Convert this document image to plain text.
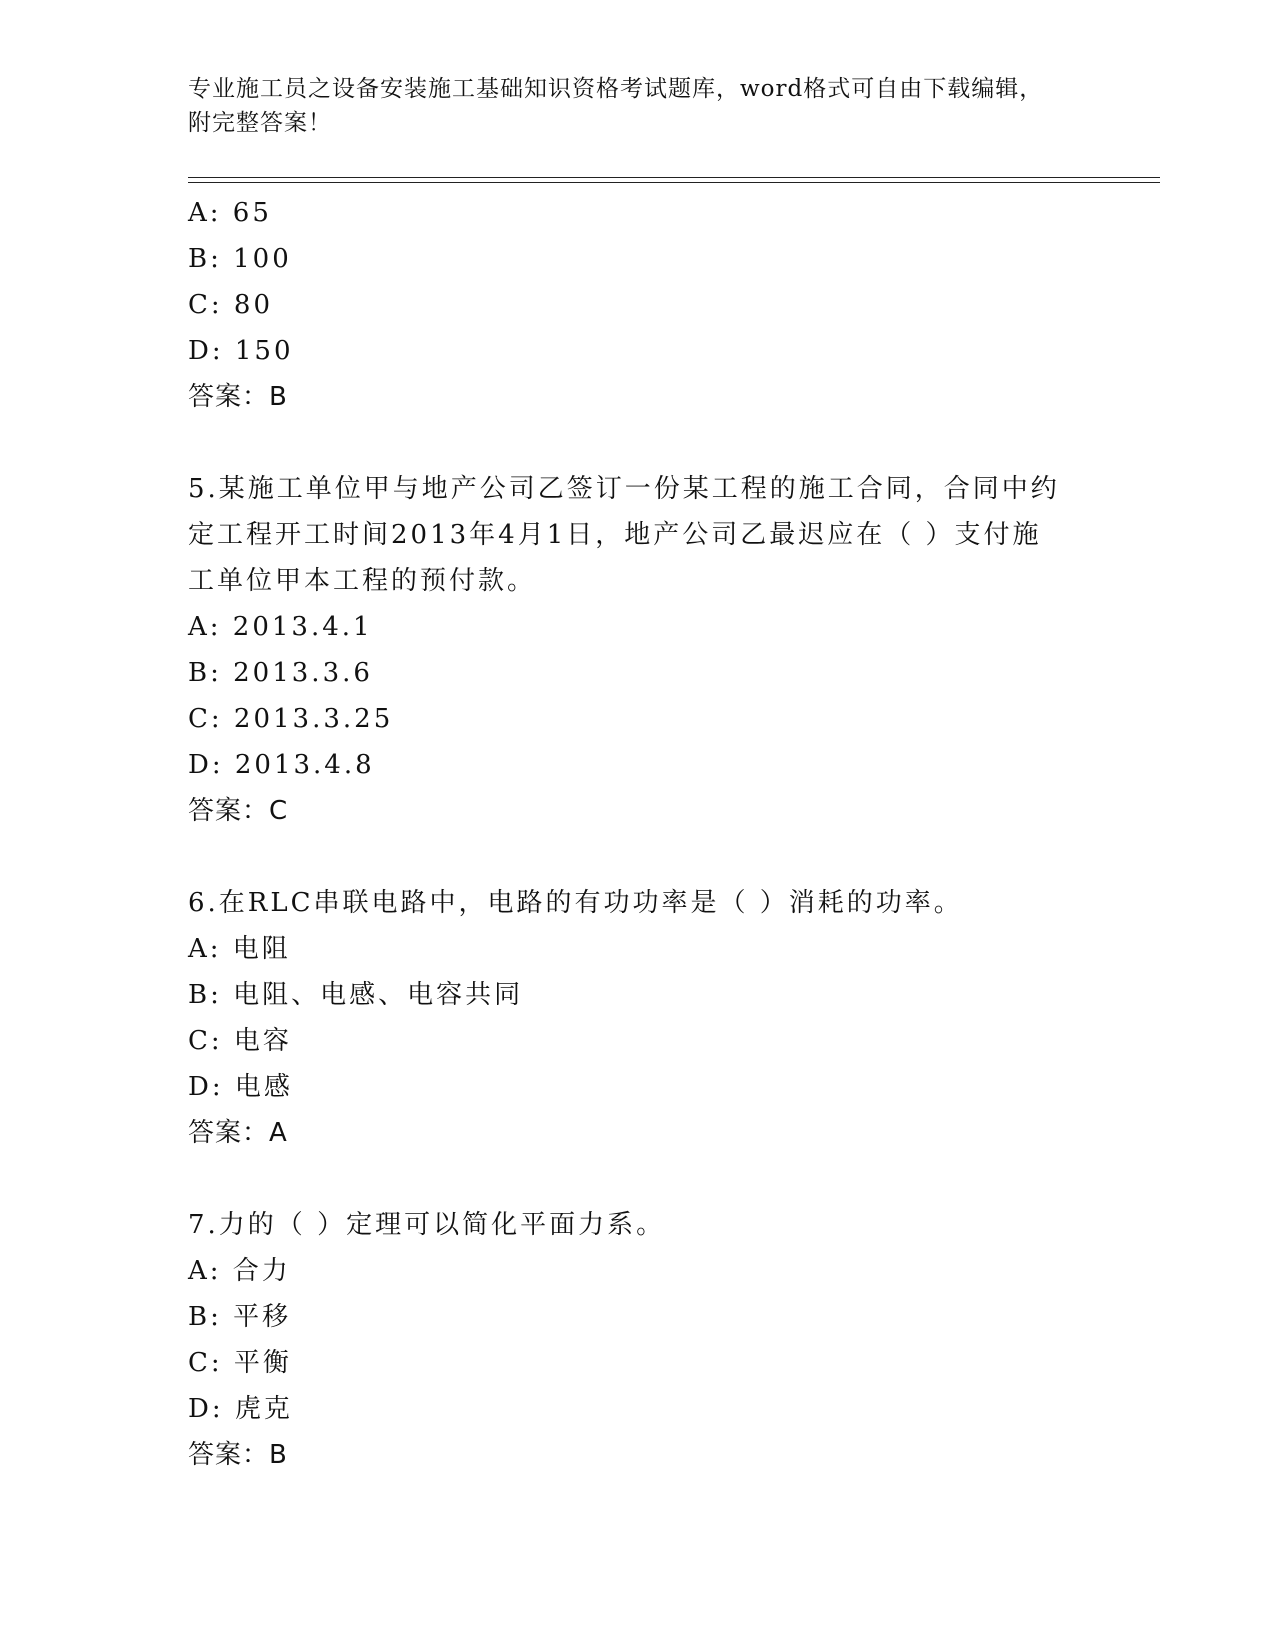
专业施工员之设备安装施工基础知识资格考试题库，word格式可自由下载编辑，
附完整答案！
A: 65
B: 100
C: 80
D: 150
答案：B
5.某施工单位甲与地产公司乙签订一份某工程的施工合同，合同中约
定工程开工时间2013年4月1日，地产公司乙最迟应在（ ）支付施
工单位甲本工程的预付款。
A: 2013.4.1
B: 2013.3.6
C: 2013.3.25
D: 2013.4.8
答案：C
6.在RLC串联电路中，电路的有功功率是（ ）消耗的功率。
A: 电阻
B: 电阻、电感、电容共同
C: 电容
D: 电感
答案：A
7.力的（ ）定理可以简化平面力系。
A: 合力
B: 平移
C: 平衡
D: 虎克
答案：B
